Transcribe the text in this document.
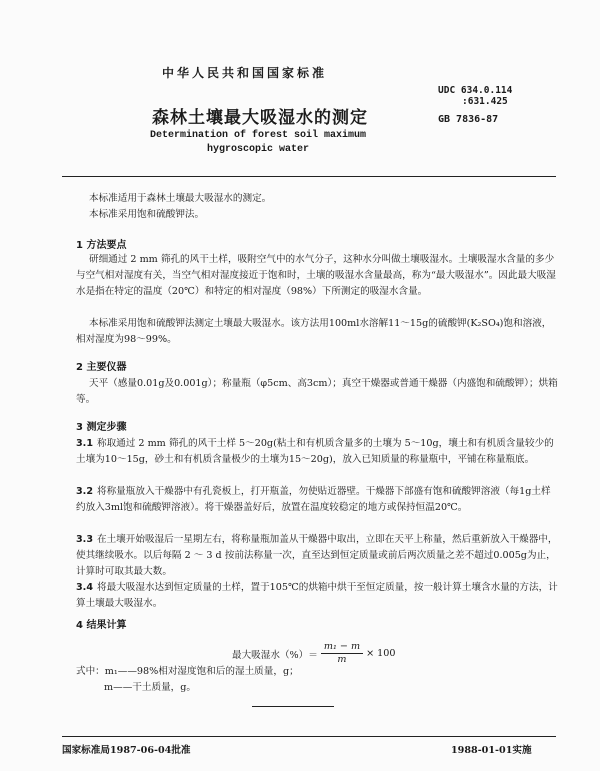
中华人民共和国国家标准
UDC 634.0.114
:631.425
森林土壤最大吸湿水的测定	GB 7836-87
Determination of forest soil maximum
hygroscopic water
本标准适用于森林土壤最大吸湿水的测定。
本标准采用饱和硫酸钾法。
1 方法要点
研细通过 2 mm 筛孔的风干土样，吸附空气中的水气分子，这种水分叫做土壤吸湿水。土壤吸湿水含量的多少与空气相对湿度有关，当空气相对湿度接近于饱和时，土壤的吸湿水含量最高，称为“最大吸湿水”。因此最大吸湿水是指在特定的温度（20℃）和特定的相对湿度（98%）下所测定的吸湿水含量。
本标准采用饱和硫酸钾法测定土壤最大吸湿水。该方法用100ml水溶解11～15g的硫酸钾(K₂SO₄)饱和溶液，相对湿度为98～99%。
2 主要仪器
天平（感量0.01g及0.001g）；称量瓶（φ5cm、高3cm）；真空干燥器或普通干燥器（内盛饱和硫酸钾）；烘箱等。
3 测定步骤
3.1 称取通过 2 mm 筛孔的风干土样 5～20g(粘土和有机质含量多的土壤为 5～10g，壤土和有机质含量较少的土壤为10～15g，砂土和有机质含量极少的土壤为15～20g)，放入已知质量的称量瓶中，平铺在称量瓶底。
3.2 将称量瓶放入干燥器中有孔瓷板上，打开瓶盖，勿使贴近器壁。干燥器下部盛有饱和硫酸钾溶液（每1g土样约放入3ml饱和硫酸钾溶液）。将干燥器盖好后，放置在温度较稳定的地方或保持恒温20℃。
3.3 在土壤开始吸湿后一星期左右，将称量瓶加盖从干燥器中取出，立即在天平上称量，然后重新放入干燥器中，使其继续吸水。以后每隔 2 ～ 3 d 按前法称量一次，直至达到恒定质量或前后两次质量之差不超过0.005g为止，计算时可取其最大数。
3.4 将最大吸湿水达到恒定质量的土样，置于105℃的烘箱中烘干至恒定质量，按一般计算土壤含水量的方法，计算土壤最大吸湿水。
4 结果计算
最大吸湿水（%）＝ $\frac{\text{m₁ − m}}{m} \times 100$
式中：m₁——98%相对湿度饱和后的湿土质量，g；
m——干土质量，g。
国家标准局1987-06-04批准	1988-01-01实施
